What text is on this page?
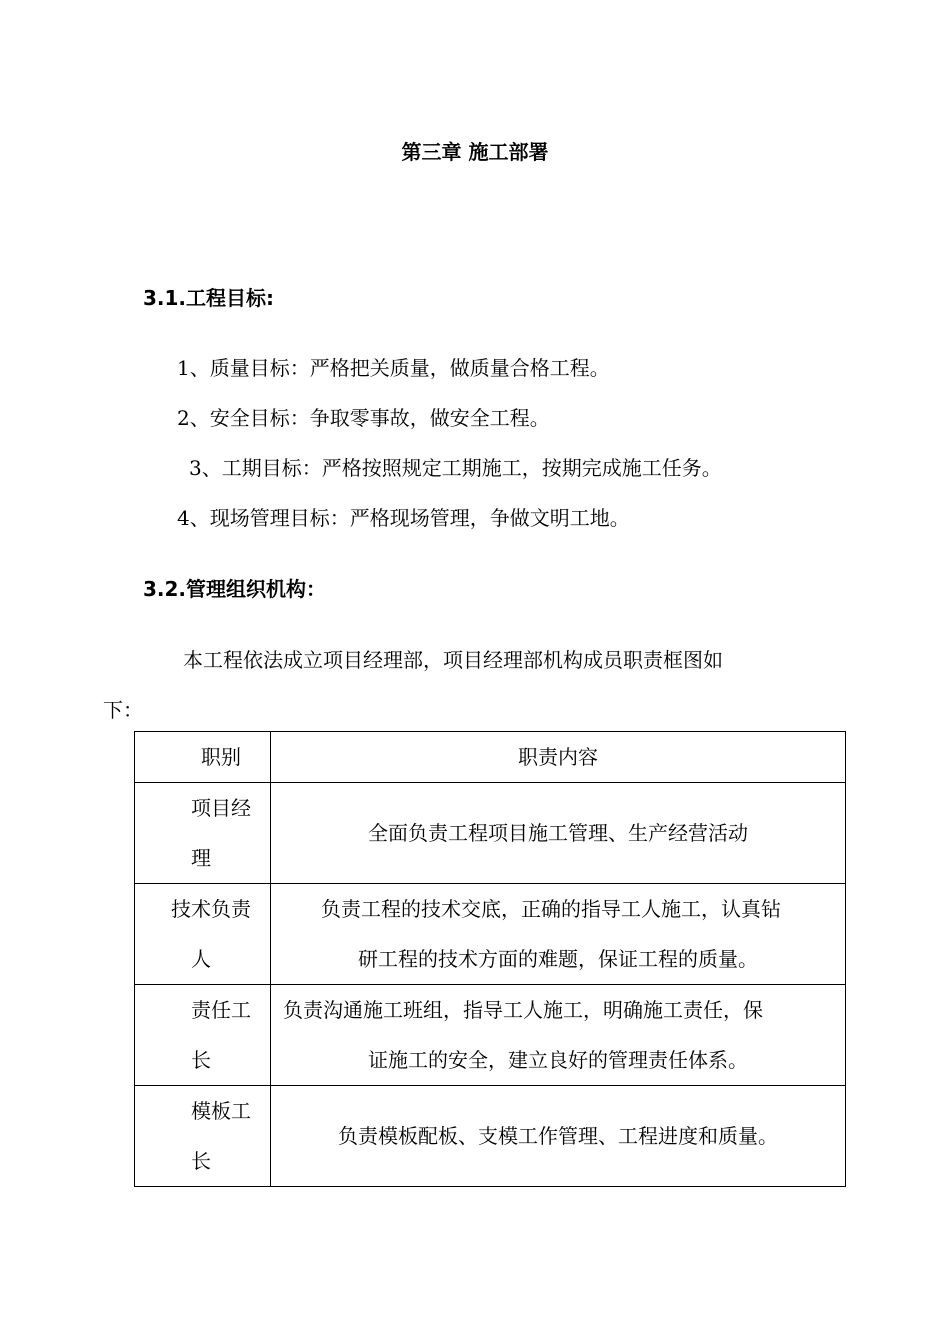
第三章 施工部署
3.1.工程目标:
1、质量目标：严格把关质量，做质量合格工程。
2、安全目标：争取零事故，做安全工程。
3、工期目标：严格按照规定工期施工，按期完成施工任务。
4、现场管理目标：严格现场管理，争做文明工地。
3.2.管理组织机构：
本工程依法成立项目经理部，项目经理部机构成员职责框图如
下：
职别	职责内容

项目经
理	全面负责工程项目施工管理、生产经营活动

技术负责
人	负责工程的技术交底，正确的指导工人施工，认真钻
研工程的技术方面的难题，保证工程的质量。

责任工
长	负责沟通施工班组，指导工人施工，明确施工责任，保
证施工的安全，建立良好的管理责任体系。

模板工
长	负责模板配板、支模工作管理、工程进度和质量。
